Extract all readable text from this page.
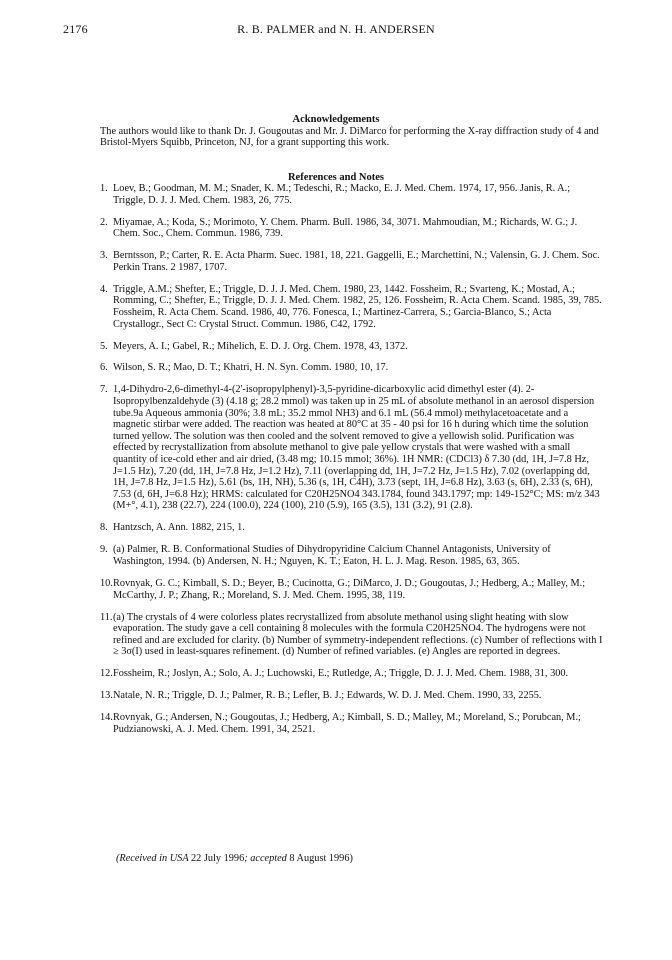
2176	R. B. PALMER and N. H. ANDERSEN
Acknowledgements
The authors would like to thank Dr. J. Gougoutas and Mr. J. DiMarco for performing the X-ray diffraction study of 4 and Bristol-Myers Squibb, Princeton, NJ, for a grant supporting this work.
References and Notes
1. Loev, B.; Goodman, M. M.; Snader, K. M.; Tedeschi, R.; Macko, E. J. Med. Chem. 1974, 17, 956. Janis, R. A.; Triggle, D. J. J. Med. Chem. 1983, 26, 775.
2. Miyamae, A.; Koda, S.; Morimoto, Y. Chem. Pharm. Bull. 1986, 34, 3071. Mahmoudian, M.; Richards, W. G.; J. Chem. Soc., Chem. Commun. 1986, 739.
3. Berntsson, P.; Carter, R. E. Acta Pharm. Suec. 1981, 18, 221. Gaggelli, E.; Marchettini, N.; Valensin, G. J. Chem. Soc. Perkin Trans. 2 1987, 1707.
4. Triggle, A.M.; Shefter, E.; Triggle, D. J. J. Med. Chem. 1980, 23, 1442. Fossheim, R.; Svarteng, K.; Mostad, A.; Romming, C.; Shefter, E.; Triggle, D. J. J. Med. Chem. 1982, 25, 126. Fossheim, R. Acta Chem. Scand. 1985, 39, 785. Fossheim, R. Acta Chem. Scand. 1986, 40, 776. Fonesca, I.; Martinez-Carrera, S.; Garcia-Blanco, S.; Acta Crystallogr., Sect C: Crystal Struct. Commun. 1986, C42, 1792.
5. Meyers, A. I.; Gabel, R.; Mihelich, E. D. J. Org. Chem. 1978, 43, 1372.
6. Wilson, S. R.; Mao, D. T.; Khatri, H. N. Syn. Comm. 1980, 10, 17.
7. 1,4-Dihydro-2,6-dimethyl-4-(2'-isopropylphenyl)-3,5-pyridine-dicarboxylic acid dimethyl ester (4). 2-Isopropylbenzaldehyde (3) (4.18 g; 28.2 mmol) was taken up in 25 mL of absolute methanol in an aerosol dispersion tube.9a Aqueous ammonia (30%; 3.8 mL; 35.2 mmol NH3) and 6.1 mL (56.4 mmol) methylacetoacetate and a magnetic stirbar were added. The reaction was heated at 80°C at 35 - 40 psi for 16 h during which time the solution turned yellow. The solution was then cooled and the solvent removed to give a yellowish solid. Purification was effected by recrystallization from absolute methanol to give pale yellow crystals that were washed with a small quantity of ice-cold ether and air dried, (3.48 mg; 10.15 mmol; 36%). 1H NMR: (CDCl3) δ 7.30 (dd, 1H, J=7.8 Hz, J=1.5 Hz), 7.20 (dd, 1H, J=7.8 Hz, J=1.2 Hz), 7.11 (overlapping dd, 1H, J=7.2 Hz, J=1.5 Hz), 7.02 (overlapping dd, 1H, J=7.8 Hz, J=1.5 Hz), 5.61 (bs, 1H, NH), 5.36 (s, 1H, C4H), 3.73 (sept, 1H, J=6.8 Hz), 3.63 (s, 6H), 2.33 (s, 6H), 7.53 (d, 6H, J=6.8 Hz); HRMS: calculated for C20H25NO4 343.1784, found 343.1797; mp: 149-152°C; MS: m/z 343 (M+°, 4.1), 238 (22.7), 224 (100.0), 224 (100), 210 (5.9), 165 (3.5), 131 (3.2), 91 (2.8).
8. Hantzsch, A. Ann. 1882, 215, 1.
9. (a) Palmer, R. B. Conformational Studies of Dihydropyridine Calcium Channel Antagonists, University of Washington, 1994. (b) Andersen, N. H.; Nguyen, K. T.; Eaton, H. L. J. Mag. Reson. 1985, 63, 365.
10. Rovnyak, G. C.; Kimball, S. D.; Beyer, B.; Cucinotta, G.; DiMarco, J. D.; Gougoutas, J.; Hedberg, A.; Malley, M.; McCarthy, J. P.; Zhang, R.; Moreland, S. J. Med. Chem. 1995, 38, 119.
11. (a) The crystals of 4 were colorless plates recrystallized from absolute methanol using slight heating with slow evaporation. The study gave a cell containing 8 molecules with the formula C20H25NO4. The hydrogens were not refined and are excluded for clarity. (b) Number of symmetry-independent reflections. (c) Number of reflections with I ≥ 3σ(I) used in least-squares refinement. (d) Number of refined variables. (e) Angles are reported in degrees.
12. Fossheim, R.; Joslyn, A.; Solo, A. J.; Luchowski, E.; Rutledge, A.; Triggle, D. J. J. Med. Chem. 1988, 31, 300.
13. Natale, N. R.; Triggle, D. J.; Palmer, R. B.; Lefler, B. J.; Edwards, W. D. J. Med. Chem. 1990, 33, 2255.
14. Rovnyak, G.; Andersen, N.; Gougoutas, J.; Hedberg, A.; Kimball, S. D.; Malley, M.; Moreland, S.; Porubcan, M.; Pudzianowski, A. J. Med. Chem. 1991, 34, 2521.
(Received in USA 22 July 1996; accepted 8 August 1996)
